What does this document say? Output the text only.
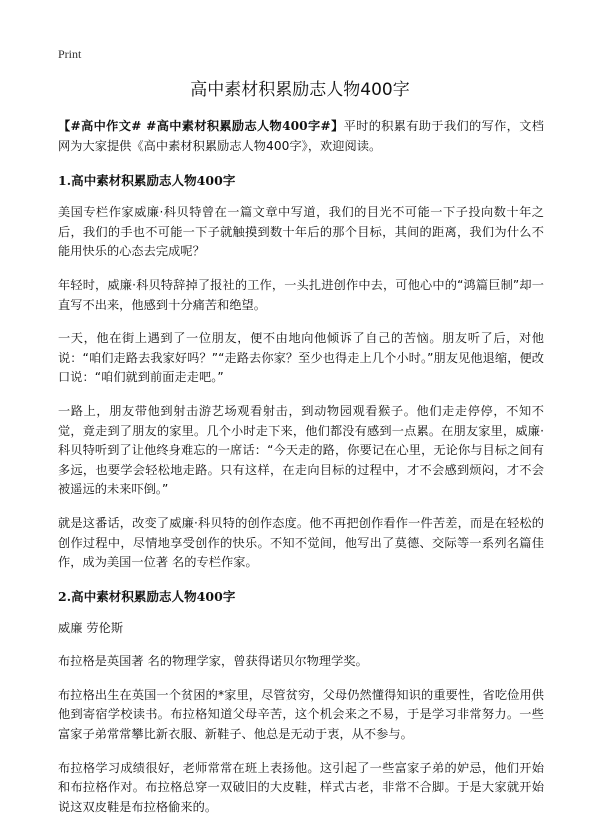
Print
高中素材积累励志人物400字

【#高中作文# #高中素材积累励志人物400字#】平时的积累有助于我们的写作，文档网为大家提供《高中素材积累励志人物400字》，欢迎阅读。

1.高中素材积累励志人物400字

美国专栏作家威廉·科贝特曾在一篇文章中写道，我们的目光不可能一下子投向数十年之后，我们的手也不可能一下子就触摸到数十年后的那个目标，其间的距离，我们为什么不能用快乐的心态去完成呢？

年轻时，威廉·科贝特辞掉了报社的工作，一头扎进创作中去，可他心中的“鸿篇巨制”却一直写不出来，他感到十分痛苦和绝望。

一天，他在街上遇到了一位朋友，便不由地向他倾诉了自己的苦恼。朋友听了后，对他说：“咱们走路去我家好吗？”“走路去你家？至少也得走上几个小时。”朋友见他退缩，便改口说：“咱们就到前面走走吧。”

一路上，朋友带他到射击游艺场观看射击，到动物园观看猴子。他们走走停停，不知不觉，竟走到了朋友的家里。几个小时走下来，他们都没有感到一点累。在朋友家里，威廉·科贝特听到了让他终身难忘的一席话：“今天走的路，你要记在心里，无论你与目标之间有多远，也要学会轻松地走路。只有这样，在走向目标的过程中，才不会感到烦闷，才不会被遥远的未来吓倒。”

就是这番话，改变了威廉·科贝特的创作态度。他不再把创作看作一件苦差，而是在轻松的创作过程中，尽情地享受创作的快乐。不知不觉间，他写出了莫德、交际等一系列名篇佳作，成为美国一位著 名的专栏作家。

2.高中素材积累励志人物400字

威廉 劳伦斯

布拉格是英国著 名的物理学家，曾获得诺贝尔物理学奖。

布拉格出生在英国一个贫困的*家里，尽管贫穷，父母仍然懂得知识的重要性，省吃俭用供他到寄宿学校读书。布拉格知道父母辛苦，这个机会来之不易，于是学习非常努力。一些富家子弟常常攀比新衣服、新鞋子、他总是无动于衷，从不参与。

布拉格学习成绩很好，老师常常在班上表扬他。这引起了一些富家子弟的妒忌，他们开始和布拉格作对。布拉格总穿一双破旧的大皮鞋，样式古老，非常不合脚。于是大家就开始说这双皮鞋是布拉格偷来的。
